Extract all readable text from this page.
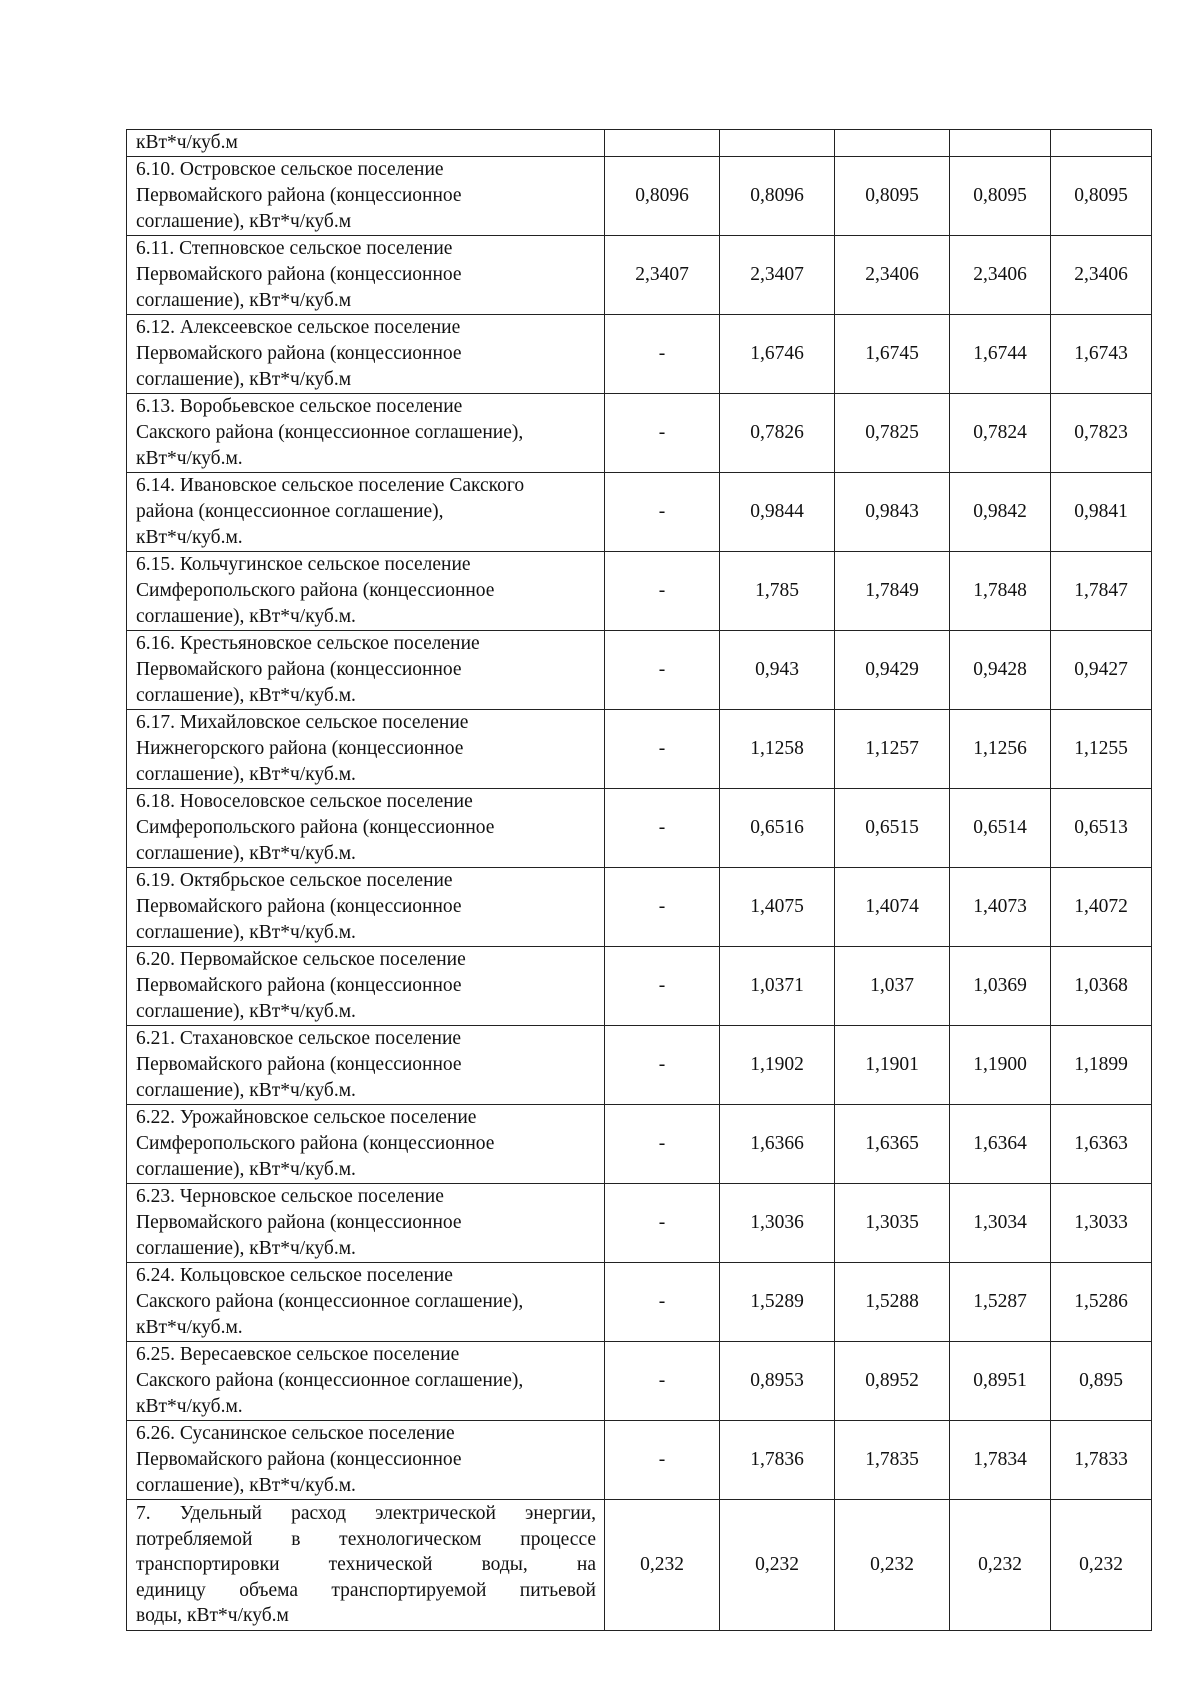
кВт*ч/куб.м					
6.10. Островское сельское поселение
Первомайского района (концессионное
соглашение), кВт*ч/куб.м	0,8096	0,8096	0,8095	0,8095	0,8095
6.11. Степновское сельское поселение
Первомайского района (концессионное
соглашение), кВт*ч/куб.м	2,3407	2,3407	2,3406	2,3406	2,3406
6.12. Алексеевское сельское поселение
Первомайского района (концессионное
соглашение), кВт*ч/куб.м	-	1,6746	1,6745	1,6744	1,6743
6.13. Воробьевское сельское поселение
Сакского района (концессионное соглашение),
кВт*ч/куб.м.	-	0,7826	0,7825	0,7824	0,7823
6.14. Ивановское сельское поселение Сакского
района (концессионное соглашение),
кВт*ч/куб.м.	-	0,9844	0,9843	0,9842	0,9841
6.15. Кольчугинское сельское поселение
Симферопольского района (концессионное
соглашение), кВт*ч/куб.м.	-	1,785	1,7849	1,7848	1,7847
6.16. Крестьяновское сельское поселение
Первомайского района (концессионное
соглашение), кВт*ч/куб.м.	-	0,943	0,9429	0,9428	0,9427
6.17. Михайловское сельское поселение
Нижнегорского района (концессионное
соглашение), кВт*ч/куб.м.	-	1,1258	1,1257	1,1256	1,1255
6.18. Новоселовское сельское поселение
Симферопольского района (концессионное
соглашение), кВт*ч/куб.м.	-	0,6516	0,6515	0,6514	0,6513
6.19. Октябрьское сельское поселение
Первомайского района (концессионное
соглашение), кВт*ч/куб.м.	-	1,4075	1,4074	1,4073	1,4072
6.20. Первомайское сельское поселение
Первомайского района (концессионное
соглашение), кВт*ч/куб.м.	-	1,0371	1,037	1,0369	1,0368
6.21. Стахановское сельское поселение
Первомайского района (концессионное
соглашение), кВт*ч/куб.м.	-	1,1902	1,1901	1,1900	1,1899
6.22. Урожайновское сельское поселение
Симферопольского района (концессионное
соглашение), кВт*ч/куб.м.	-	1,6366	1,6365	1,6364	1,6363
6.23. Черновское сельское поселение
Первомайского района (концессионное
соглашение), кВт*ч/куб.м.	-	1,3036	1,3035	1,3034	1,3033
6.24. Кольцовское сельское поселение
Сакского района (концессионное соглашение),
кВт*ч/куб.м.	-	1,5289	1,5288	1,5287	1,5286
6.25. Вересаевское сельское поселение
Сакского района (концессионное соглашение),
кВт*ч/куб.м.	-	0,8953	0,8952	0,8951	0,895
6.26. Сусанинское сельское поселение
Первомайского района (концессионное
соглашение), кВт*ч/куб.м.	-	1,7836	1,7835	1,7834	1,7833

7. Удельный расход электрической энергии,
потребляемой в технологическом процессе
транспортировки технической воды, на
единицу объема транспортируемой питьевой
воды, кВт*ч/куб.м	0,232	0,232	0,232	0,232	0,232
